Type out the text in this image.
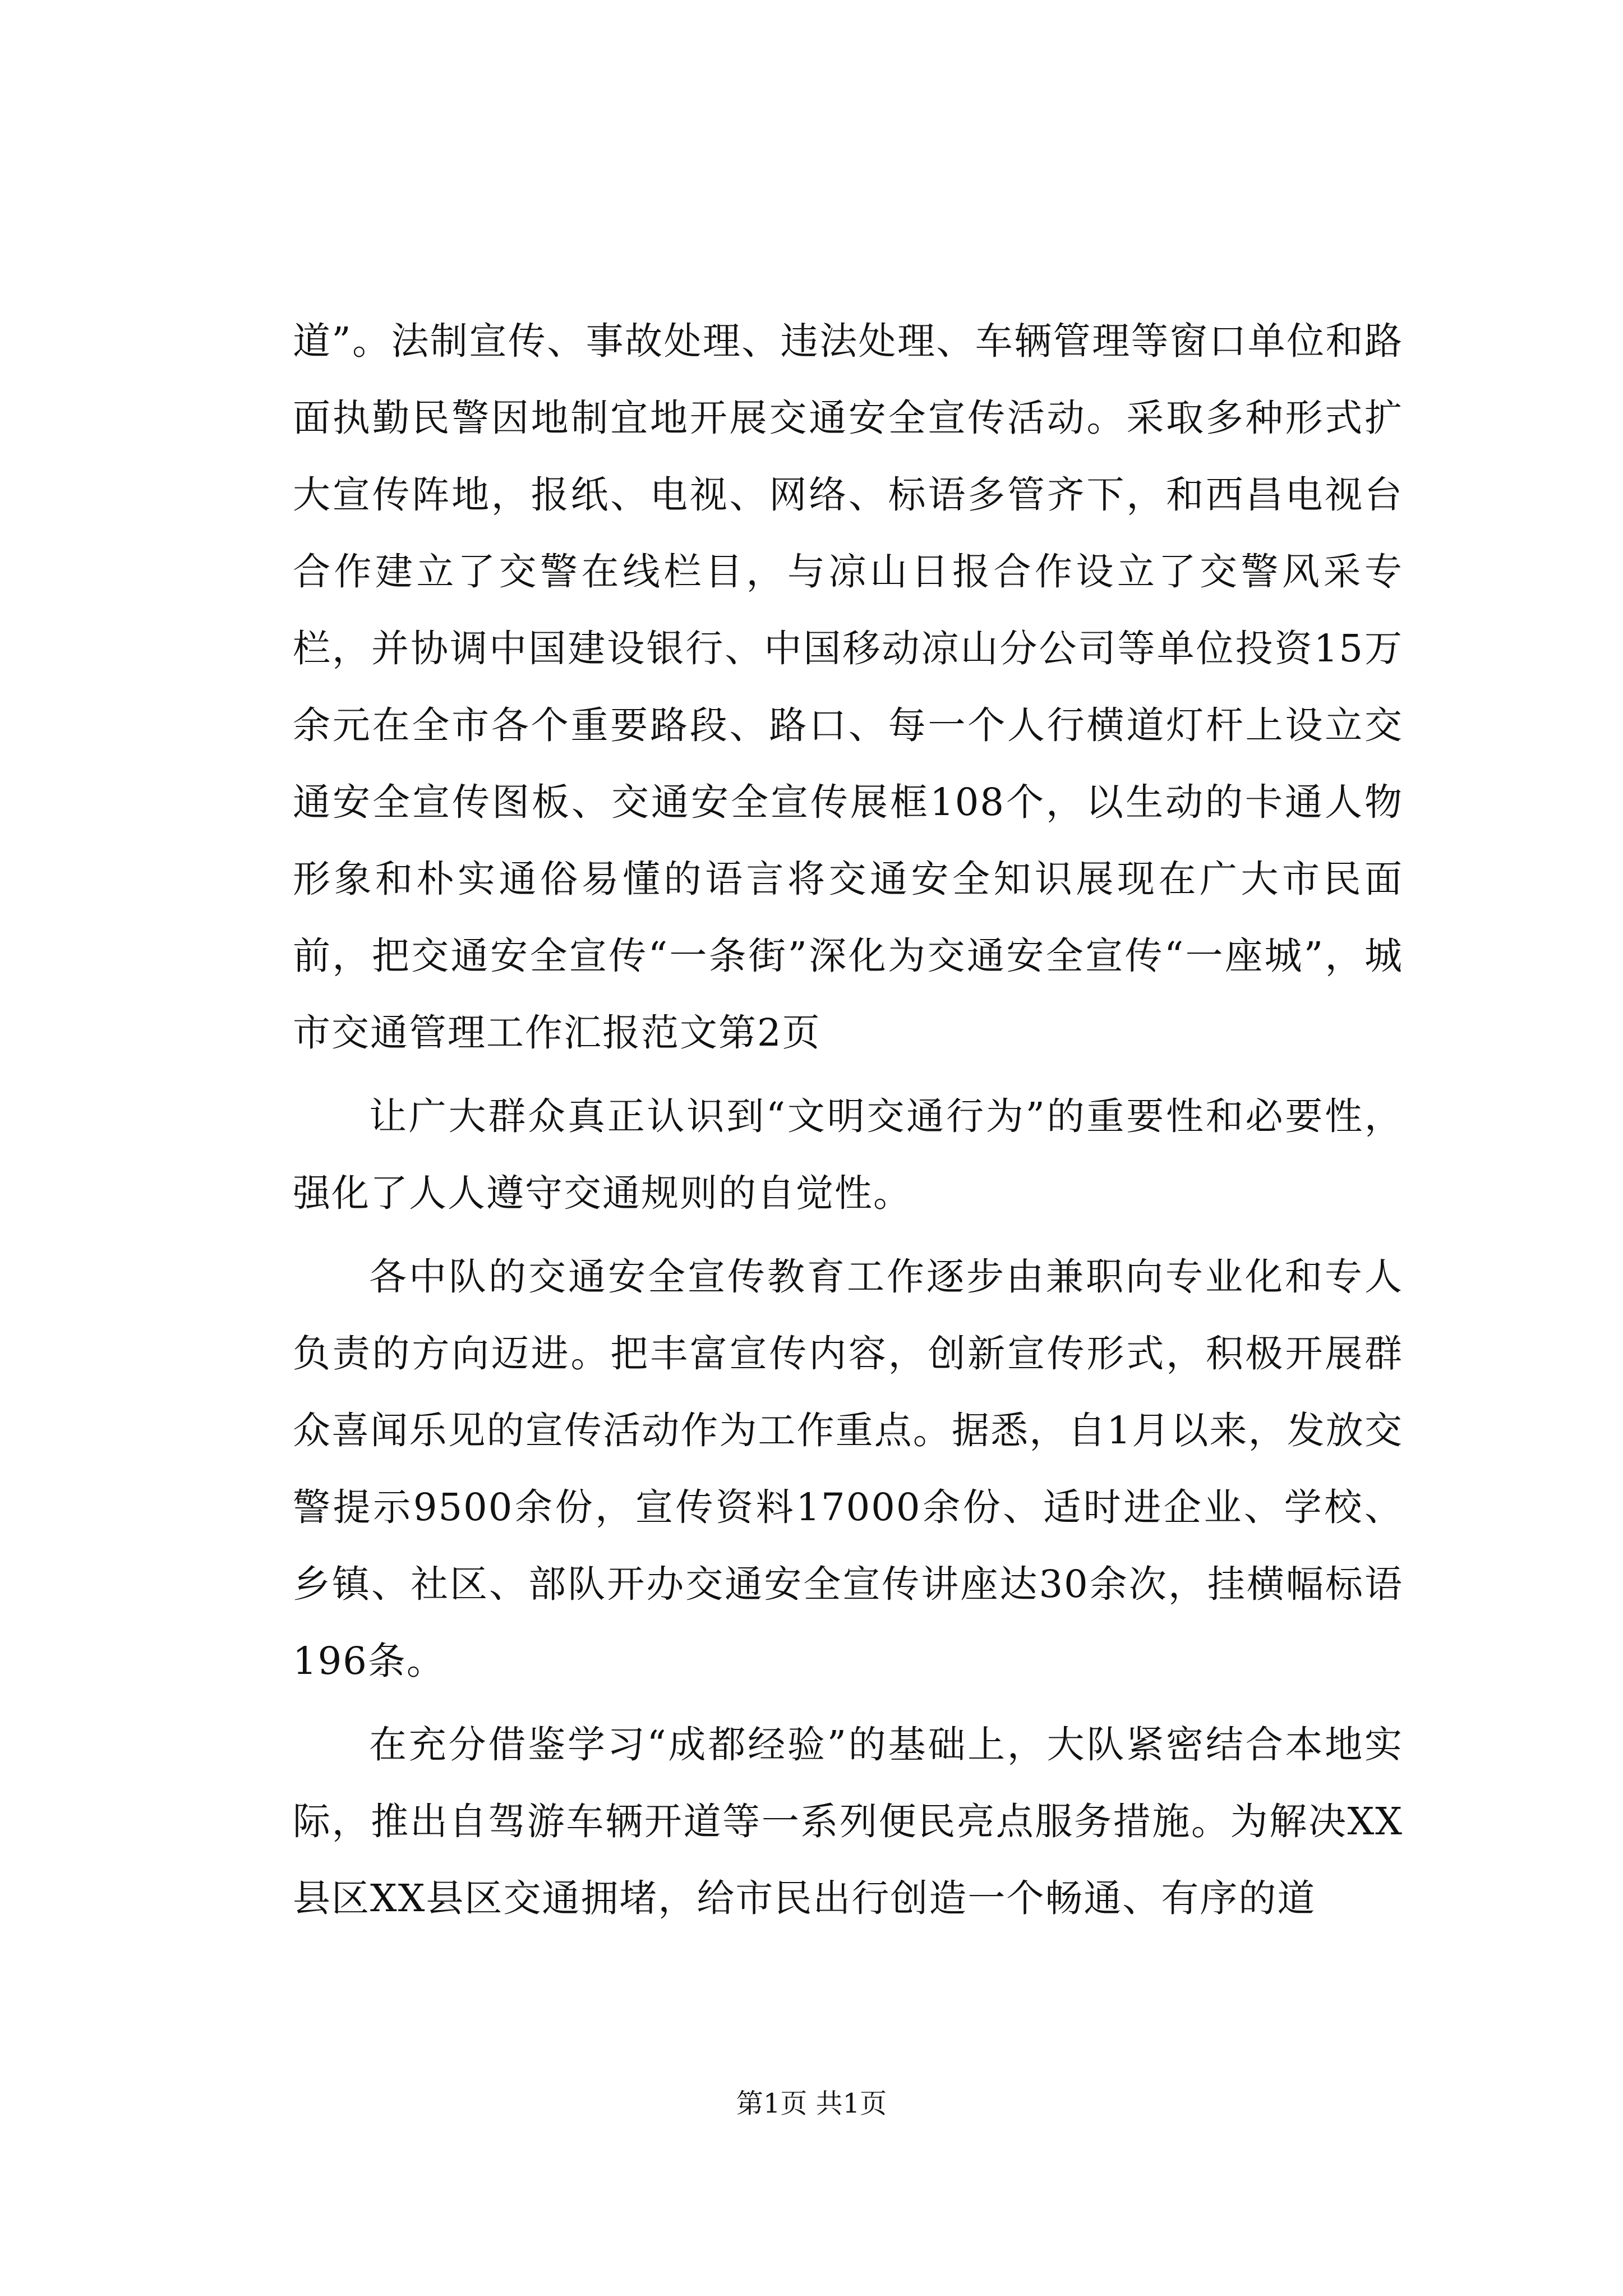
道”。法制宣传、事故处理、违法处理、车辆管理等窗口单位和路面执勤民警因地制宜地开展交通安全宣传活动。采取多种形式扩大宣传阵地，报纸、电视、网络、标语多管齐下，和西昌电视台合作建立了交警在线栏目，与凉山日报合作设立了交警风采专栏，并协调中国建设银行、中国移动凉山分公司等单位投资15万余元在全市各个重要路段、路口、每一个人行横道灯杆上设立交通安全宣传图板、交通安全宣传展框108个，以生动的卡通人物形象和朴实通俗易懂的语言将交通安全知识展现在广大市民面前，把交通安全宣传“一条街”深化为交通安全宣传“一座城”，城市交通管理工作汇报范文第2页

让广大群众真正认识到“文明交通行为”的重要性和必要性，强化了人人遵守交通规则的自觉性。

各中队的交通安全宣传教育工作逐步由兼职向专业化和专人负责的方向迈进。把丰富宣传内容，创新宣传形式，积极开展群众喜闻乐见的宣传活动作为工作重点。据悉，自1月以来，发放交警提示9500余份，宣传资料17000余份、适时进企业、学校、乡镇、社区、部队开办交通安全宣传讲座达30余次，挂横幅标语196条。

在充分借鉴学习“成都经验”的基础上，大队紧密结合本地实际，推出自驾游车辆开道等一系列便民亮点服务措施。为解决XX县区XX县区交通拥堵，给市民出行创造一个畅通、有序的道

第1页 共1页
